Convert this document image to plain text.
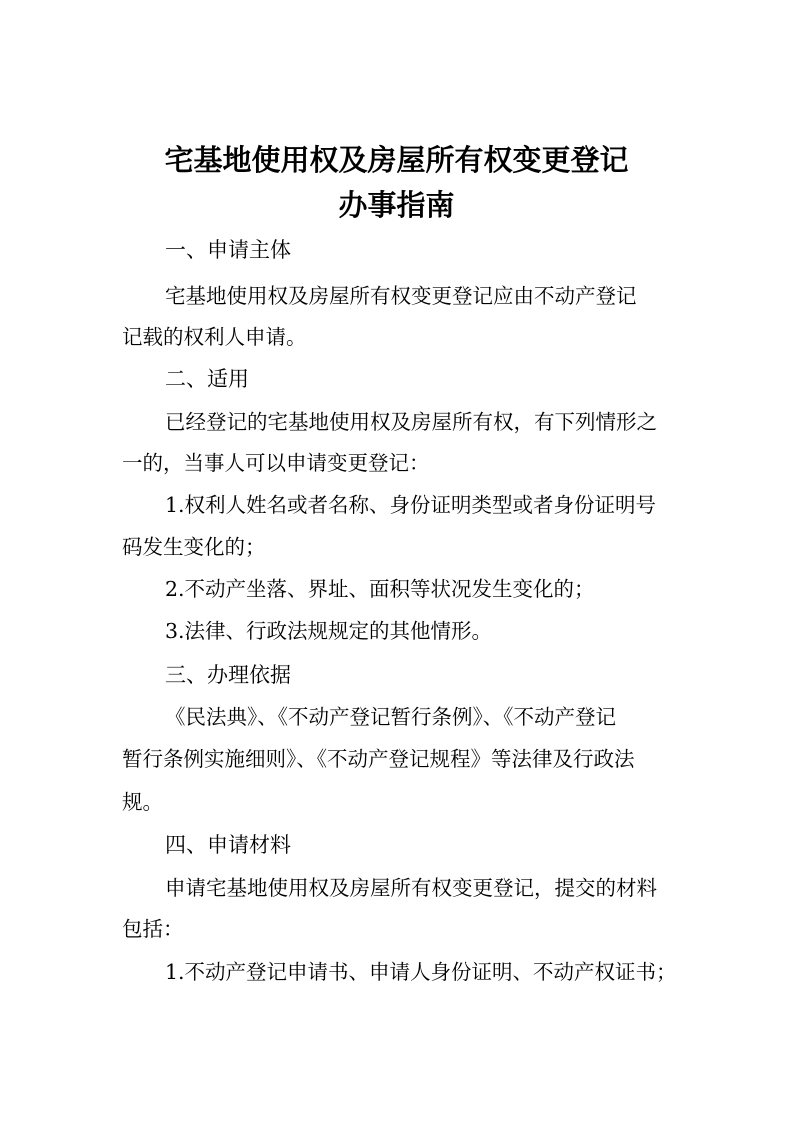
宅基地使用权及房屋所有权变更登记
办事指南
一、申请主体
宅基地使用权及房屋所有权变更登记应由不动产登记
记载的权利人申请。
二、适用
已经登记的宅基地使用权及房屋所有权，有下列情形之
一的，当事人可以申请变更登记：
1.权利人姓名或者名称、身份证明类型或者身份证明号
码发生变化的；
2.不动产坐落、界址、面积等状况发生变化的；
3.法律、行政法规规定的其他情形。
三、办理依据
《民法典》、《不动产登记暂行条例》、《不动产登记
暂行条例实施细则》、《不动产登记规程》等法律及行政法
规。
四、申请材料
申请宅基地使用权及房屋所有权变更登记，提交的材料
包括：
1.不动产登记申请书、申请人身份证明、不动产权证书；
